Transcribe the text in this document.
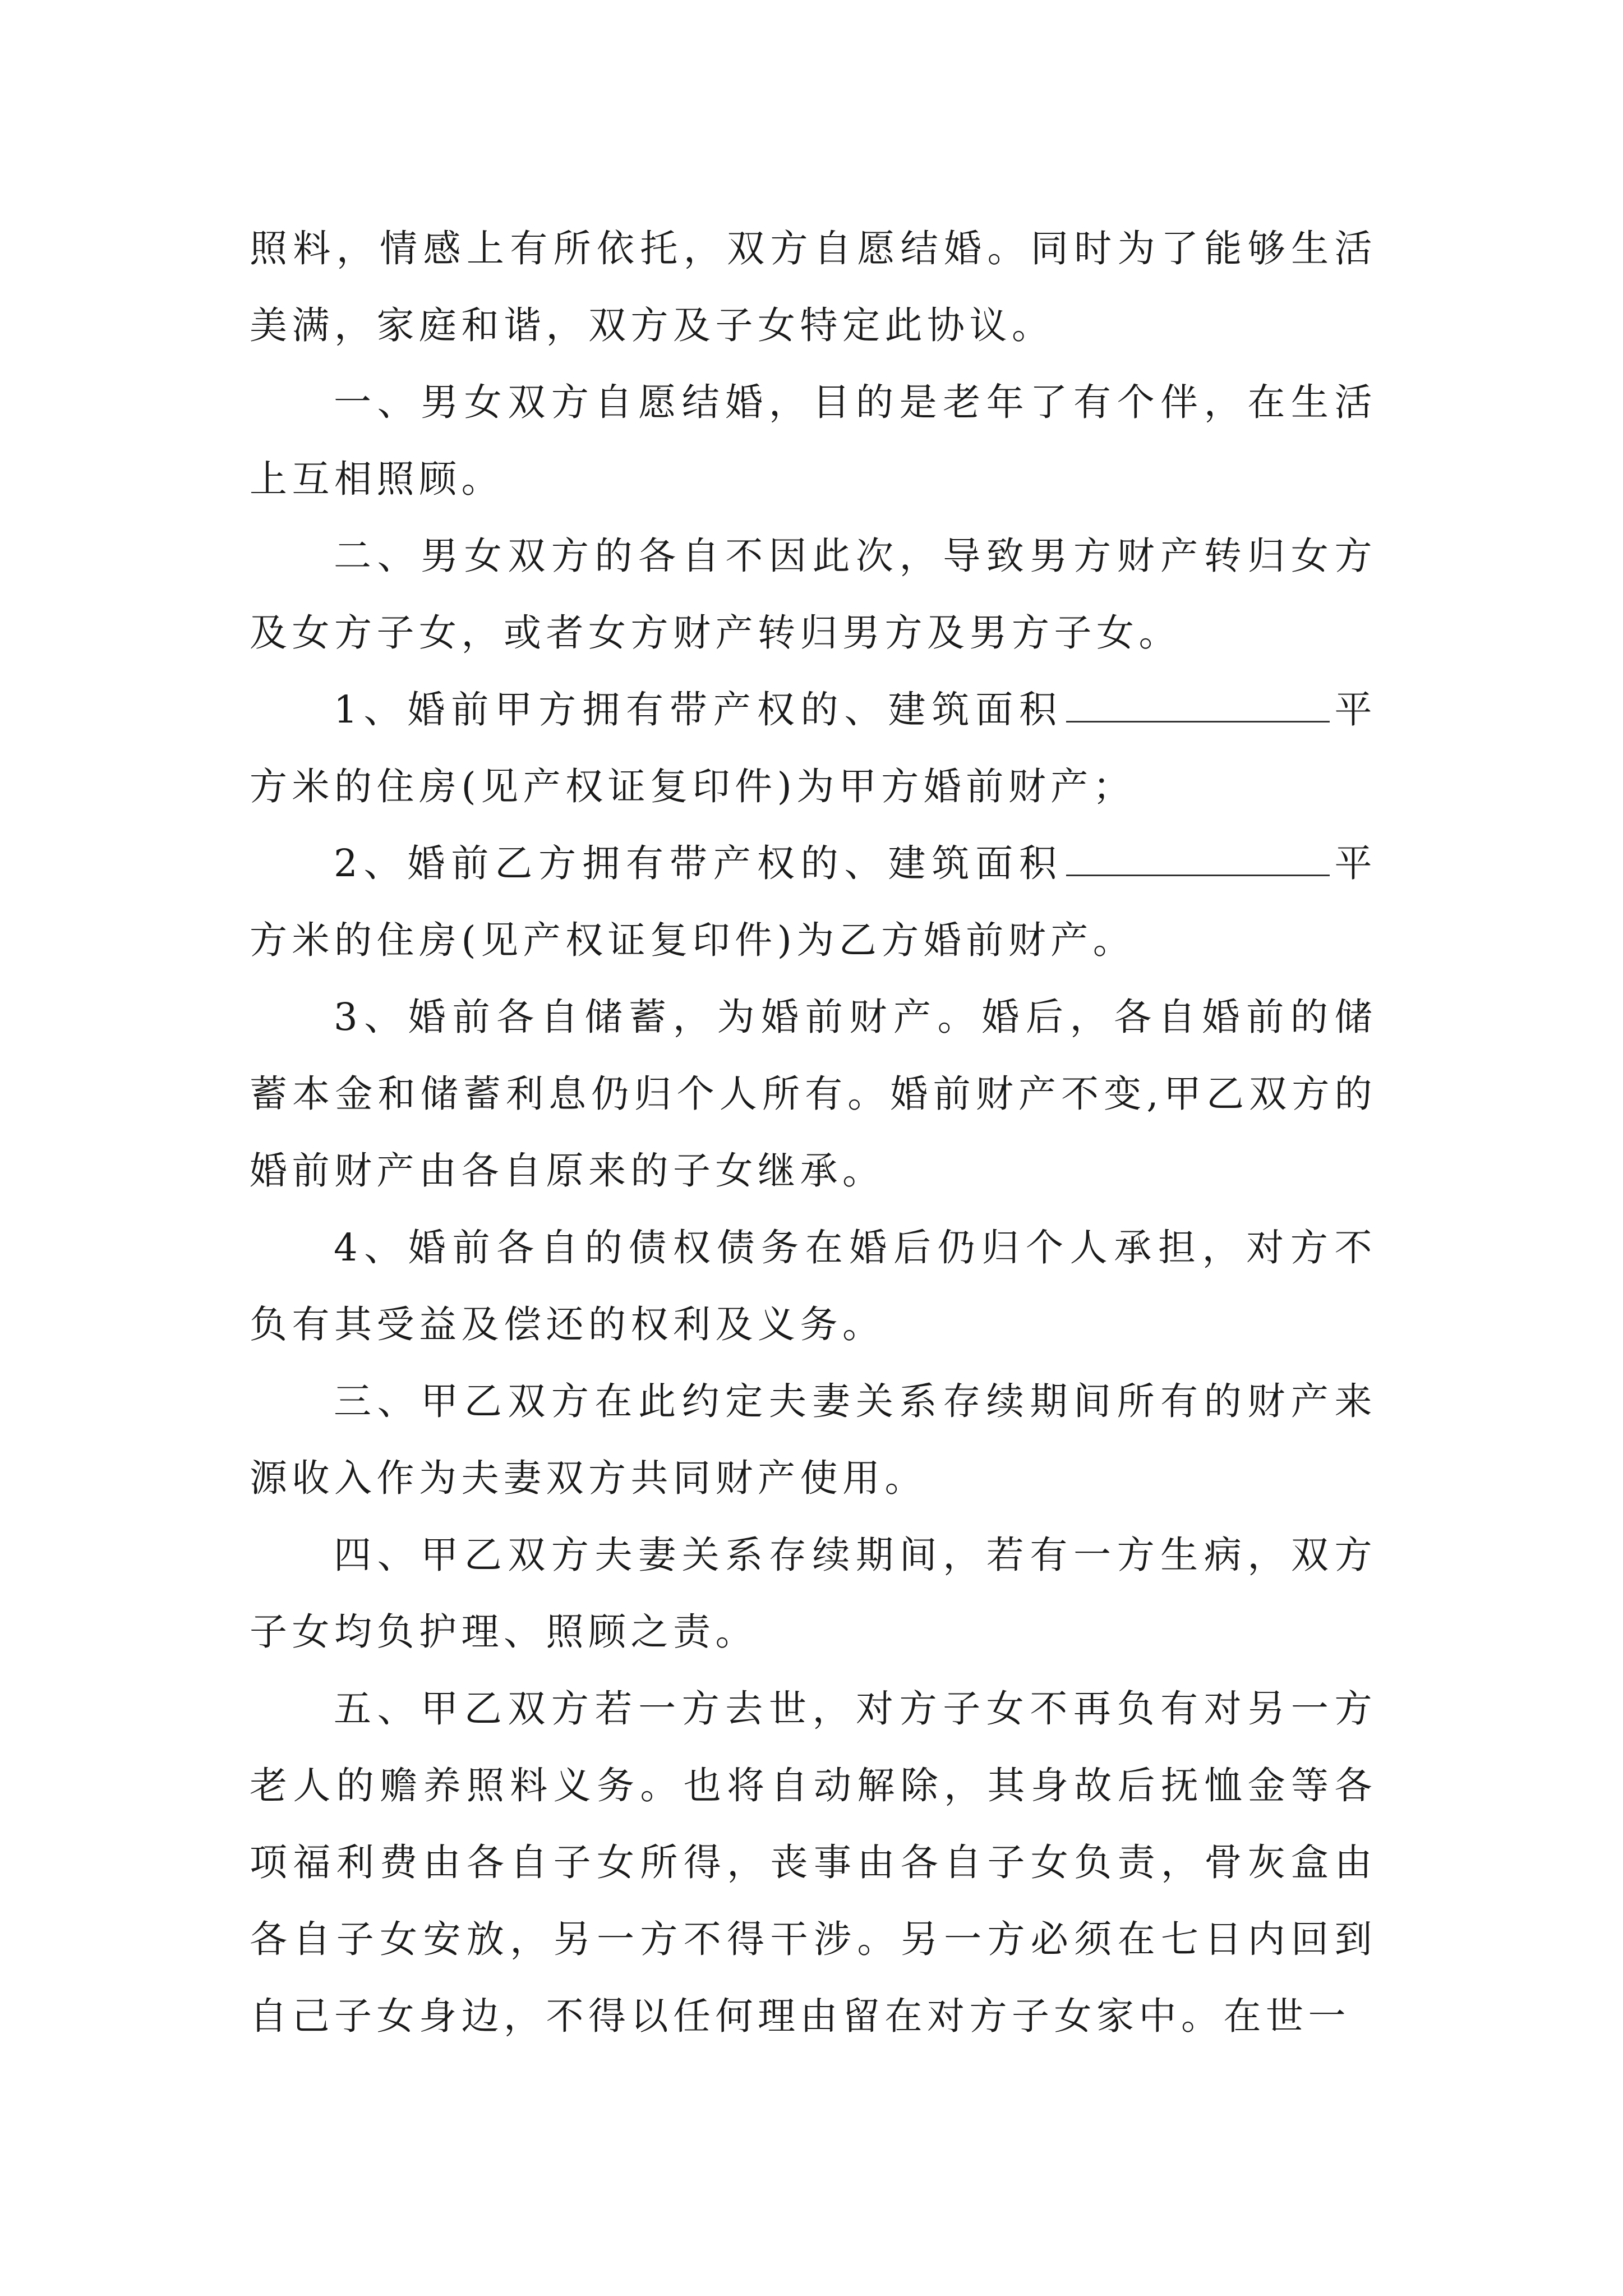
照料，情感上有所依托，双方自愿结婚。同时为了能够生活美满，家庭和谐，双方及子女特定此协议。

一、男女双方自愿结婚，目的是老年了有个伴，在生活上互相照顾。

二、男女双方的各自不因此次，导致男方财产转归女方及女方子女，或者女方财产转归男方及男方子女。

1、婚前甲方拥有带产权的、建筑面积	平方米的住房(见产权证复印件)为甲方婚前财产；

2、婚前乙方拥有带产权的、建筑面积	平方米的住房(见产权证复印件)为乙方婚前财产。

3、婚前各自储蓄，为婚前财产。婚后，各自婚前的储蓄本金和储蓄利息仍归个人所有。婚前财产不变,甲乙双方的婚前财产由各自原来的子女继承。

4、婚前各自的债权债务在婚后仍归个人承担，对方不负有其受益及偿还的权利及义务。

三、甲乙双方在此约定夫妻关系存续期间所有的财产来源收入作为夫妻双方共同财产使用。

四、甲乙双方夫妻关系存续期间，若有一方生病，双方子女均负护理、照顾之责。

五、甲乙双方若一方去世，对方子女不再负有对另一方老人的赡养照料义务。也将自动解除，其身故后抚恤金等各项福利费由各自子女所得，丧事由各自子女负责，骨灰盒由各自子女安放，另一方不得干涉。另一方必须在七日内回到自己子女身边，不得以任何理由留在对方子女家中。在世一
